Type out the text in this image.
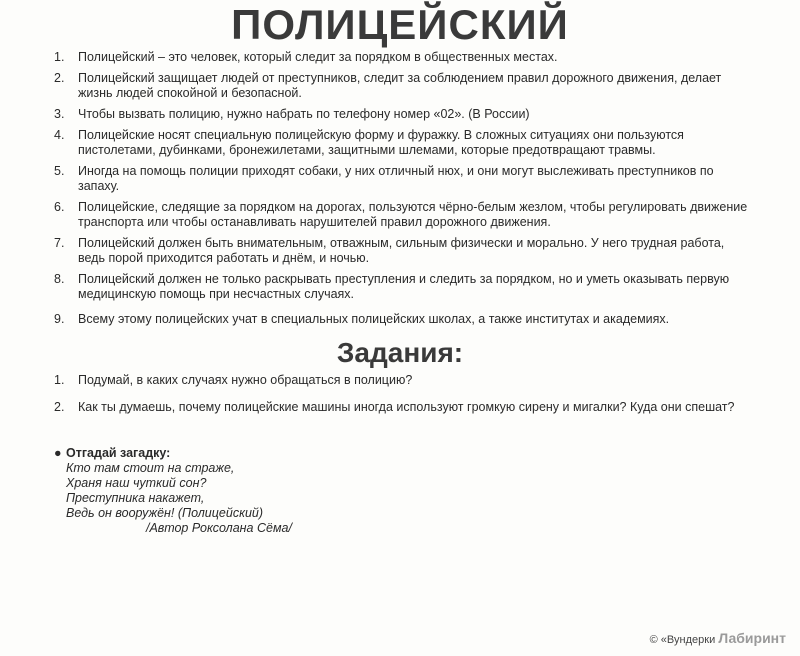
ПОЛИЦЕЙСКИЙ
1.	Полицейский – это человек, который следит за порядком в общественных местах.
2.	Полицейский защищает людей от преступников, следит за соблюдением правил дорожного движения, делает жизнь людей спокойной и безопасной.
3.	Чтобы вызвать полицию, нужно набрать по телефону номер «02». (В России)
4.	Полицейские носят специальную полицейскую форму и фуражку. В сложных ситуациях они пользуются пистолетами, дубинками, бронежилетами, защитными шлемами, которые предотвращают травмы.
5.	Иногда на помощь полиции приходят собаки, у них отличный нюх, и они могут выслеживать преступников по запаху.
6.	Полицейские, следящие за порядком на дорогах, пользуются чёрно-белым жезлом, чтобы регулировать движение транспорта или чтобы останавливать нарушителей правил дорожного движения.
7.	Полицейский должен быть внимательным, отважным, сильным физически и морально. У него трудная работа, ведь порой приходится работать и днём, и ночью.
8.	Полицейский должен не только раскрывать преступления и следить за порядком, но и уметь оказывать первую медицинскую помощь при несчастных случаях.
9.	Всему этому полицейских учат в специальных полицейских школах, а также институтах и академиях.
Задания:
1.	Подумай, в каких случаях нужно обращаться в полицию?
2.	Как ты думаешь, почему полицейские машины иногда используют громкую сирену и мигалки? Куда они спешат?
● Отгадай загадку:
Кто там стоит на страже,
Храня наш чуткий сон?
Преступника накажет,
Ведь он вооружён! (Полицейский)
/Автор Роксолана Сёма/
© «Вундерки Лабиринт
